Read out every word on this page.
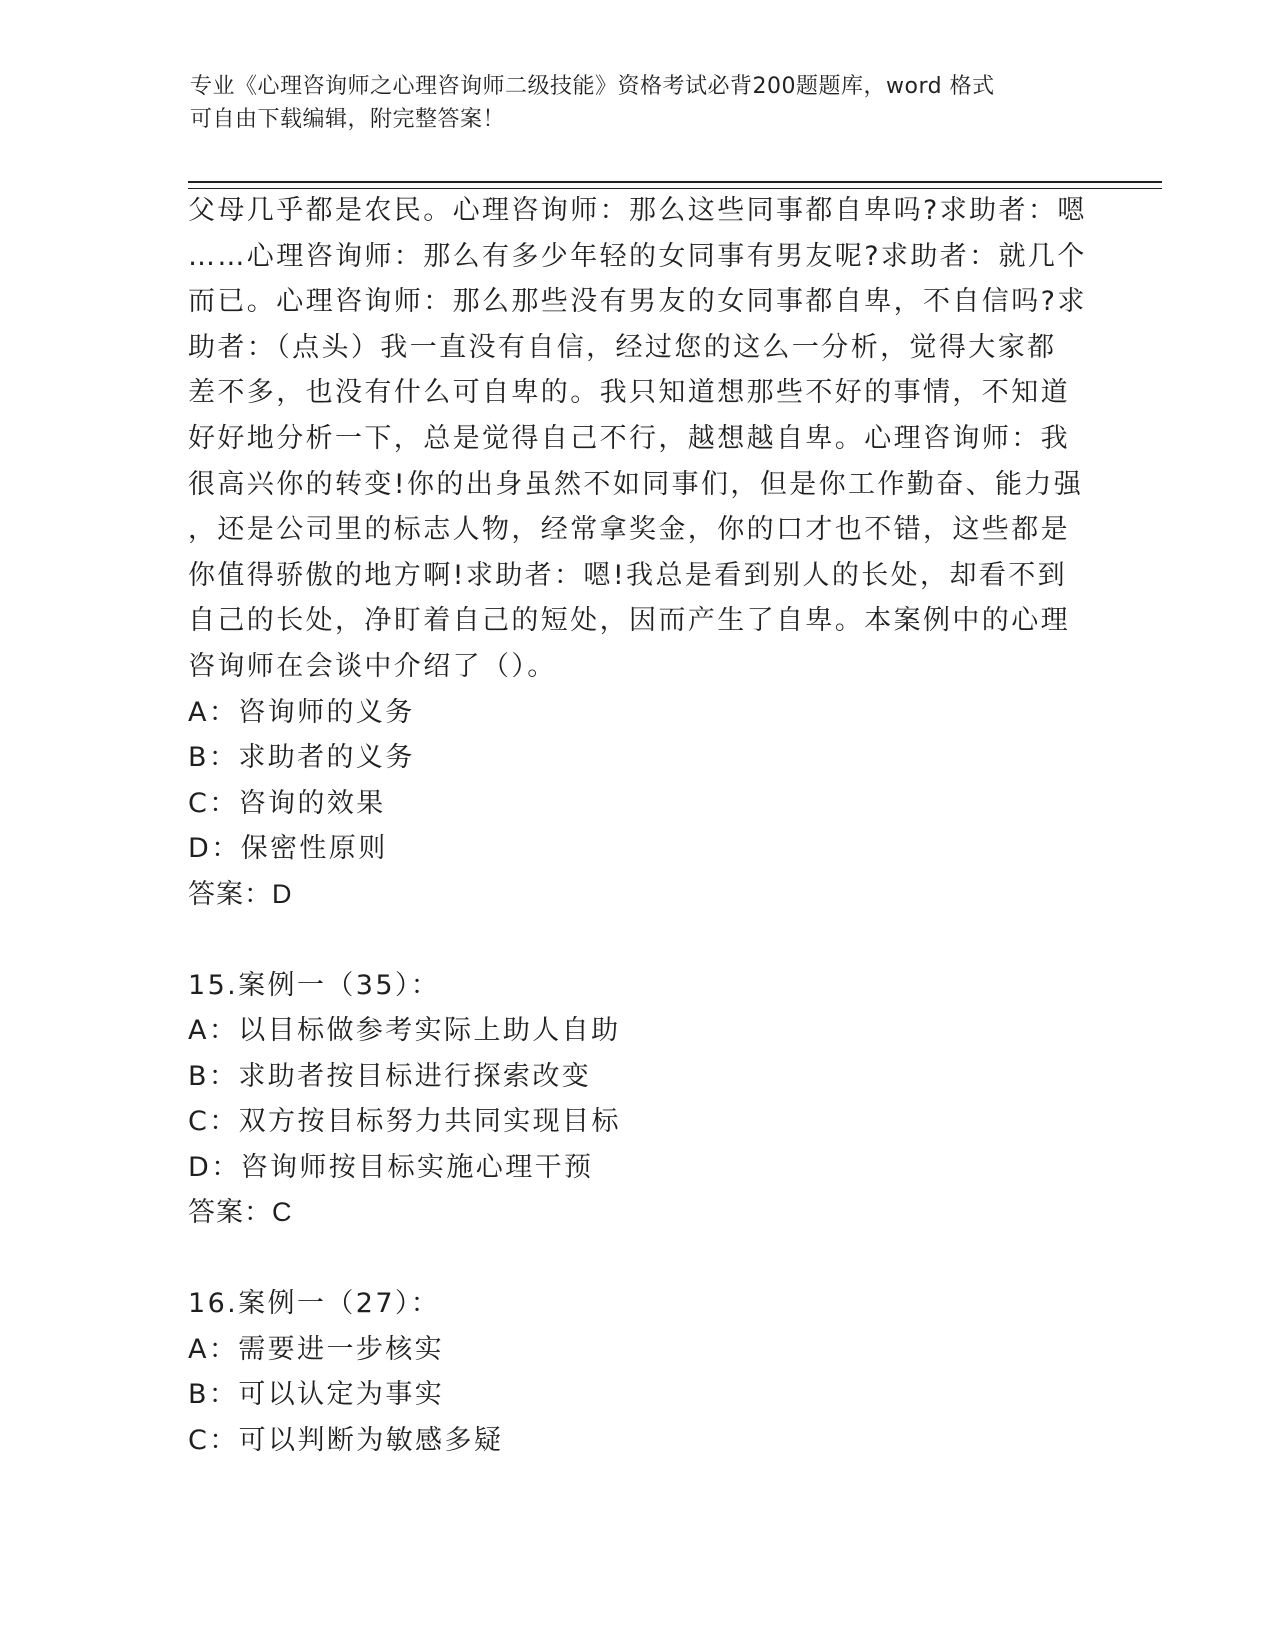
专业《心理咨询师之心理咨询师二级技能》资格考试必背200题题库，word 格式
可自由下载编辑，附完整答案！

父母几乎都是农民。心理咨询师：那么这些同事都自卑吗?求助者：嗯

……心理咨询师：那么有多少年轻的女同事有男友呢?求助者：就几个

而已。心理咨询师：那么那些没有男友的女同事都自卑，不自信吗?求

助者：（点头）我一直没有自信，经过您的这么一分析，觉得大家都

差不多，也没有什么可自卑的。我只知道想那些不好的事情，不知道

好好地分析一下，总是觉得自己不行，越想越自卑。心理咨询师：我

很高兴你的转变!你的出身虽然不如同事们，但是你工作勤奋、能力强

，还是公司里的标志人物，经常拿奖金，你的口才也不错，这些都是

你值得骄傲的地方啊!求助者：嗯!我总是看到别人的长处，却看不到

自己的长处，净盯着自己的短处，因而产生了自卑。本案例中的心理

咨询师在会谈中介绍了（）。

A：咨询师的义务

B：求助者的义务

C：咨询的效果

D：保密性原则

答案：D

15.案例一（35）：

A：以目标做参考实际上助人自助

B：求助者按目标进行探索改变

C：双方按目标努力共同实现目标

D：咨询师按目标实施心理干预

答案：C

16.案例一（27）：

A：需要进一步核实

B：可以认定为事实

C：可以判断为敏感多疑
